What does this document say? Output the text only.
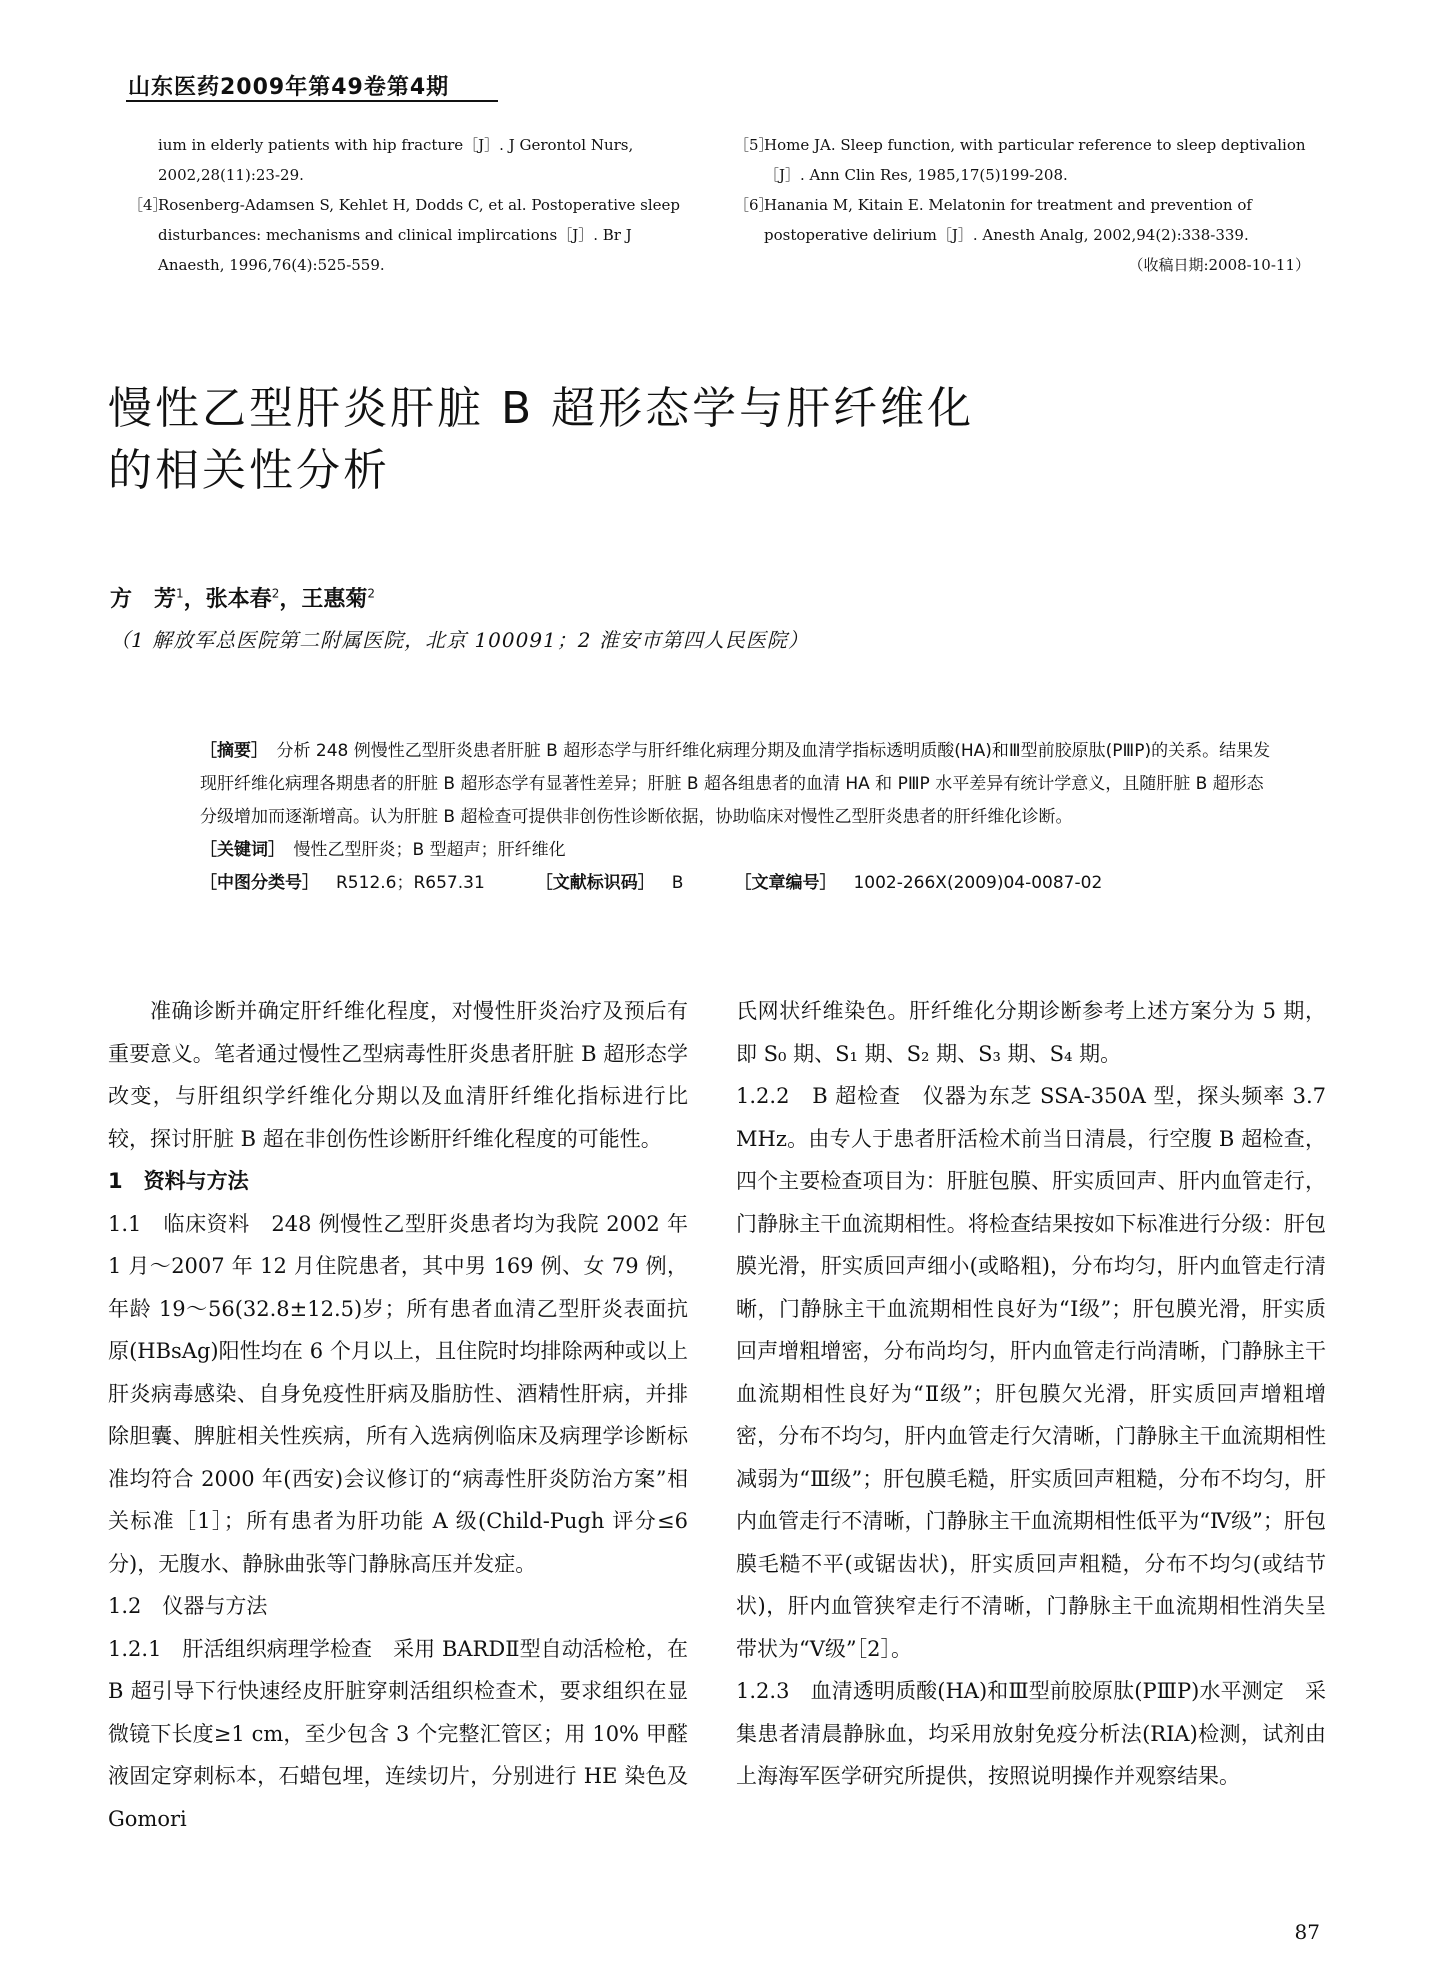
山东医药2009年第49卷第4期

ium in elderly patients with hip fracture［J］. J Gerontol Nurs, 2002,28(11):23-29.

［4］
Rosenberg-Adamsen S, Kehlet H, Dodds C, et al. Postoperative sleep disturbances: mechanisms and clinical implircations［J］. Br J Anaesth, 1996,76(4):525-559.

［5］
Home JA. Sleep function, with particular reference to sleep deptivalion［J］. Ann Clin Res, 1985,17(5)199-208.

［6］
Hanania M, Kitain E. Melatonin for treatment and prevention of postoperative delirium［J］. Anesth Analg, 2002,94(2):338-339.

（收稿日期:2008-10-11）
慢性乙型肝炎肝脏 B 超形态学与肝纤维化
的相关性分析
方　芳$^1$，张本春$^2$，王惠菊$^2$
（1 解放军总医院第二附属医院，北京 100091；2 淮安市第四人民医院）

［摘要］　 分析 248 例慢性乙型肝炎患者肝脏 B 超形态学与肝纤维化病理分期及血清学指标透明质酸(HA)和Ⅲ型前胶原肽(PⅢP)的关系。结果发现肝纤维化病理各期患者的肝脏 B 超形态学有显著性差异；肝脏 B 超各组患者的血清 HA 和 PⅢP 水平差异有统计学意义，且随肝脏 B 超形态分级增加而逐渐增高。认为肝脏 B 超检查可提供非创伤性诊断依据，协助临床对慢性乙型肝炎患者的肝纤维化诊断。

［关键词］　 慢性乙型肝炎；B 型超声；肝纤维化

［中图分类号］　 R512.6；R657.31　　　	［文献标识码］　 B　　　	［文章编号］　 1002-266X(2009)04-0087-02

准确诊断并确定肝纤维化程度，对慢性肝炎治疗及预后有重要意义。笔者通过慢性乙型病毒性肝炎患者肝脏 B 超形态学改变，与肝组织学纤维化分期以及血清肝纤维化指标进行比较，探讨肝脏 B 超在非创伤性诊断肝纤维化程度的可能性。

1　资料与方法

1.1　临床资料　248 例慢性乙型肝炎患者均为我院 2002 年 1 月～2007 年 12 月住院患者，其中男 169 例、女 79 例，年龄 19～56(32.8±12.5)岁；所有患者血清乙型肝炎表面抗原(HBsAg)阳性均在 6 个月以上，且住院时均排除两种或以上肝炎病毒感染、自身免疫性肝病及脂肪性、酒精性肝病，并排除胆囊、脾脏相关性疾病，所有入选病例临床及病理学诊断标准均符合 2000 年(西安)会议修订的“病毒性肝炎防治方案”相关标准［1］；所有患者为肝功能 A 级(Child-Pugh 评分≤6 分)，无腹水、静脉曲张等门静脉高压并发症。

1.2　仪器与方法

1.2.1　肝活组织病理学检查　采用 BARDⅡ型自动活检枪，在 B 超引导下行快速经皮肝脏穿刺活组织检查术，要求组织在显微镜下长度≥1 cm，至少包含 3 个完整汇管区；用 10% 甲醛液固定穿刺标本，石蜡包埋，连续切片，分别进行 HE 染色及 Gomori

氏网状纤维染色。肝纤维化分期诊断参考上述方案分为 5 期，即 S₀ 期、S₁ 期、S₂ 期、S₃ 期、S₄ 期。

1.2.2　B 超检查　仪器为东芝 SSA-350A 型，探头频率 3.7 MHz。由专人于患者肝活检术前当日清晨，行空腹 B 超检查，四个主要检查项目为：肝脏包膜、肝实质回声、肝内血管走行，门静脉主干血流期相性。将检查结果按如下标准进行分级：肝包膜光滑，肝实质回声细小(或略粗)，分布均匀，肝内血管走行清晰，门静脉主干血流期相性良好为“Ⅰ级”；肝包膜光滑，肝实质回声增粗增密，分布尚均匀，肝内血管走行尚清晰，门静脉主干血流期相性良好为“Ⅱ级”；肝包膜欠光滑，肝实质回声增粗增密，分布不均匀，肝内血管走行欠清晰，门静脉主干血流期相性减弱为“Ⅲ级”；肝包膜毛糙，肝实质回声粗糙，分布不均匀，肝内血管走行不清晰，门静脉主干血流期相性低平为“Ⅳ级”；肝包膜毛糙不平(或锯齿状)，肝实质回声粗糙，分布不均匀(或结节状)，肝内血管狭窄走行不清晰，门静脉主干血流期相性消失呈带状为“Ⅴ级”［2］。

1.2.3　血清透明质酸(HA)和Ⅲ型前胶原肽(PⅢP)水平测定　采集患者清晨静脉血，均采用放射免疫分析法(RIA)检测，试剂由上海海军医学研究所提供，按照说明操作并观察结果。

87
